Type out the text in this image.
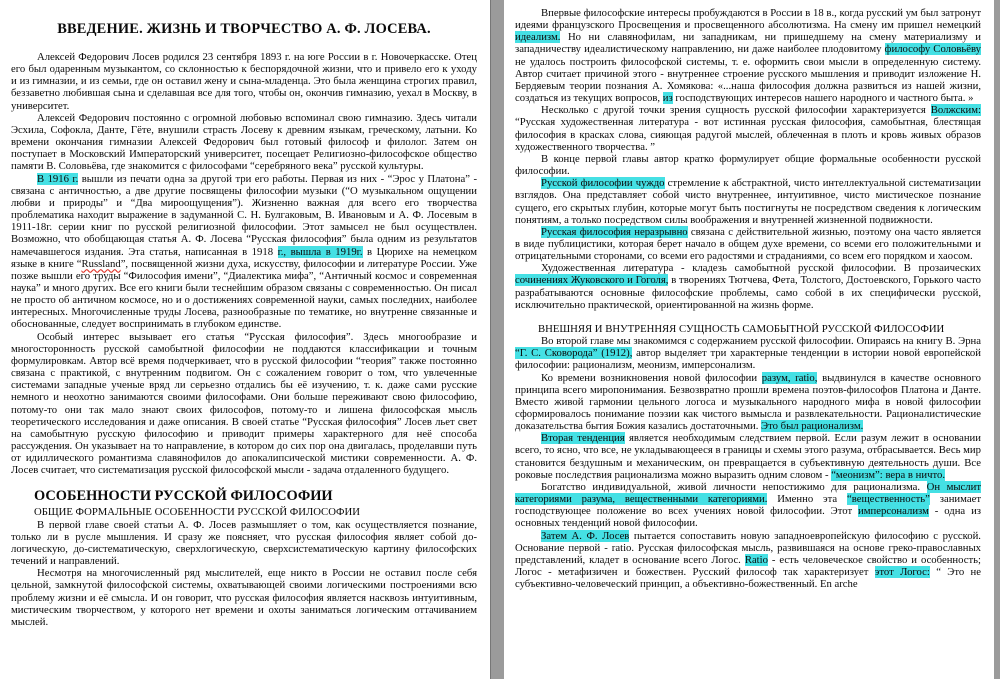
ВВЕДЕНИЕ. ЖИЗНЬ И ТВОРЧЕСТВО А. Ф. ЛОСЕВА.
Алексей Федорович Лосев родился 23 сентября 1893 г. на юге России в г. Новочеркасске. Отец его был одаренным музыкантом, со склонностью к беспорядочной жизни, что и привело его к уходу и из гимназии, и из семьи, где он оставил жену и сына-младенца. Это была женщина строгих правил, беззаветно любившая сына и сделавшая все для того, чтобы он, окончив гимназию, уехал в Москву, в университет.
Алексей Федорович постоянно с огромной любовью вспоминал свою гимназию. Здесь читали Эсхила, Софокла, Данте, Гёте, внушили страсть Лосеву к древним языкам, греческому, латыни. Ко времени окончания гимназии Алексей Федорович был готовый философ и филолог. Затем он поступает в Московский Императорский университет, посещает Религиозно-философское общество памяти В. Соловьёва, где знакомится с философами “серебряного века” русской культуры.
В 1916 г. вышли из печати одна за другой три его работы. Первая из них - “Эрос у Платона” - связана с античностью, а две другие посвящены философии музыки (“О музыкальном ощущении любви и природы” и “Два мироощущения”). Жизненно важная для всего его творчества проблематика находит выражение в задуманной С. Н. Булгаковым, В. Ивановым и А. Ф. Лосевым в 1911-18г. серии книг по русской религиозной философии. Этот замысел не был осуществлен. Возможно, что обобщающая статья А. Ф. Лосева “Русская философия” была одним из результатов намечавшегося издания. Эта статья, написанная в 1918 г., вышла в 1919г. в Цюрихе на немецком языке в книге “Russland”, посвященной жизни духа, искусству, философии и литературе России. Уже позже вышли его труды “Философия имени”, “Диалектика мифа”, “Античный космос и современная наука” и много других. Все его книги были теснейшим образом связаны с современностью. Он писал не просто об античном космосе, но и о достижениях современной науки, самых последних, наиболее интересных. Многочисленные труды Лосева, разнообразные по тематике, но внутренне связанные и обоснованные, следует воспринимать в глубоком единстве.
Особый интерес вызывает его статья “Русская философия”. Здесь многообразие и многосторонность русской самобытной философии не поддаются классификации и точным формулировкам. Автор всё время подчеркивает, что в русской философии “теория” также постоянно связана с практикой, с внутренним подвигом. Он с сожалением говорит о том, что увлеченные системами западные ученые вряд ли серьезно отдались бы её изучению, т. к. даже сами русские немного и неохотно занимаются своими философами. Они больше переживают свою философию, потому-то они так мало знают своих философов, потому-то и лишена философская мысль теоретического исследования и даже описания. В своей статье “Русская философия” Лосев льет свет на самобытную русскую философию и приводит примеры характерного для неё способа рассуждения. Он указывает на то направление, в котором до сих пор она двигалась, проделавши путь от идиллического романтизма славянофилов до апокалипсической мистики современности. А. Ф. Лосев считает, что систематизация русской философской мысли - задача отдаленного будущего.
ОСОБЕННОСТИ РУССКОЙ ФИЛОСОФИИ
ОБЩИЕ ФОРМАЛЬНЫЕ ОСОБЕННОСТИ РУССКОЙ ФИЛОСОФИИ
В первой главе своей статьи А. Ф. Лосев размышляет о том, как осуществляется познание, только ли в русле мышления. И сразу же поясняет, что русская философия являет собой до-логическую, до-систематическую, сверхлогическую, сверхсистематическую картину философских течений и направлений.
Несмотря на многочисленный ряд мыслителей, еще никто в России не оставил после себя цельной, замкнутой философской системы, охватывающей своими логическими построениями всю проблему жизни и её смысла. И он говорит, что русская философия является насквозь интуитивным, мистическим творчеством, у которого нет времени и охоты заниматься логическим оттачиванием мыслей.
Впервые философские интересы пробуждаются в России в 18 в., когда русский ум был затронут идеями французского Просвещения и просвещенного абсолютизма. На смену им пришел немецкий идеализм. Но ни славянофилам, ни западникам, ни пришедшему на смену материализму и западничеству идеалистическому направлению, ни даже наиболее плодовитому философу Соловьёву не удалось построить философской системы, т. е. оформить свои мысли в определенную систему. Автор считает причиной этого - внутреннее строение русского мышления и приводит изложение Н. Бердяевым теории познания А. Хомякова: «...наша философия должна развиться из нашей жизни, создаться из текущих вопросов, из господствующих интересов нашего народного и частного быта. »
Несколько с другой точки зрения сущность русской философии характеризуется Волжским: “Русская художественная литература - вот истинная русская философия, самобытная, блестящая философия в красках слова, сияющая радугой мыслей, облеченная в плоть и кровь живых образов художественного творчества. ”
В конце первой главы автор кратко формулирует общие формальные особенности русской философии.
Русской философии чуждо стремление к абстрактной, чисто интеллектуальной систематизации взглядов. Она представляет собой чисто внутреннее, интуитивное, чисто мистическое познание сущего, его скрытых глубин, которые могут быть постигнуты не посредством сведения к логическим понятиям, а только посредством силы воображения и внутренней жизненной подвижности.
Русская философия неразрывно связана с действительной жизнью, поэтому она часто является в виде публицистики, которая берет начало в общем духе времени, со всеми его положительными и отрицательными сторонами, со всеми его радостями и страданиями, со всем его порядком и хаосом.
Художественная литература - кладезь самобытной русской философии. В прозаических сочинениях Жуковского и Гоголя, в творениях Тютчева, Фета, Толстого, Достоевского, Горького часто разрабатываются основные философские проблемы, само собой в их специфически русской, исключительно практической, ориентированной на жизнь форме.
ВНЕШНЯЯ И ВНУТРЕННЯЯ СУЩНОСТЬ САМОБЫТНОЙ РУССКОЙ ФИЛОСОФИИ
Во второй главе мы знакомимся с содержанием русской философии. Опираясь на книгу В. Эрна “Г. С. Сковорода” (1912), автор выделяет три характерные тенденции в истории новой европейской философии: рационализм, меонизм, имперсонализм.
Ко времени возникновения новой философии разум, ratio, выдвинулся в качестве основного принципа всего миропонимания. Безвозвратно прошли времена поэтов-философов Платона и Данте. Вместо живой гармонии цельного логоса и музыкального народного мифа в новой философии сформировалось понимание поэзии как чистого вымысла и развлекательности. Рационалистические доказательства бытия Божия казались достаточными. Это был рационализм.
Вторая тенденция является необходимым следствием первой. Если разум лежит в основании всего, то ясно, что все, не укладывающееся в границы и схемы этого разума, отбрасывается. Весь мир становится бездушным и механическим, он превращается в субъективную деятельность души. Все роковые последствия рационализма можно выразить одним словом - “меонизм”: вера в ничто.
Богатство индивидуальной, живой личности непостижимо для рационализма. Он мыслит категориями разума, вещественными категориями. Именно эта “вещественность” занимает господствующее положение во всех учениях новой философии. Этот имперсонализм - одна из основных тенденций новой философии.
Затем А. Ф. Лосев пытается сопоставить новую западноевропейскую философию с русской. Основание первой - ratio. Русская философская мысль, развившаяся на основе греко-православных представлений, кладет в основание всего Логос. Ratio - есть человеческое свойство и особенность; Логос - метафизичен и божествен. Русский философ так характеризует этот Логос: “ Это не субъективно-человеческий принцип, а объективно-божественный. En arche
